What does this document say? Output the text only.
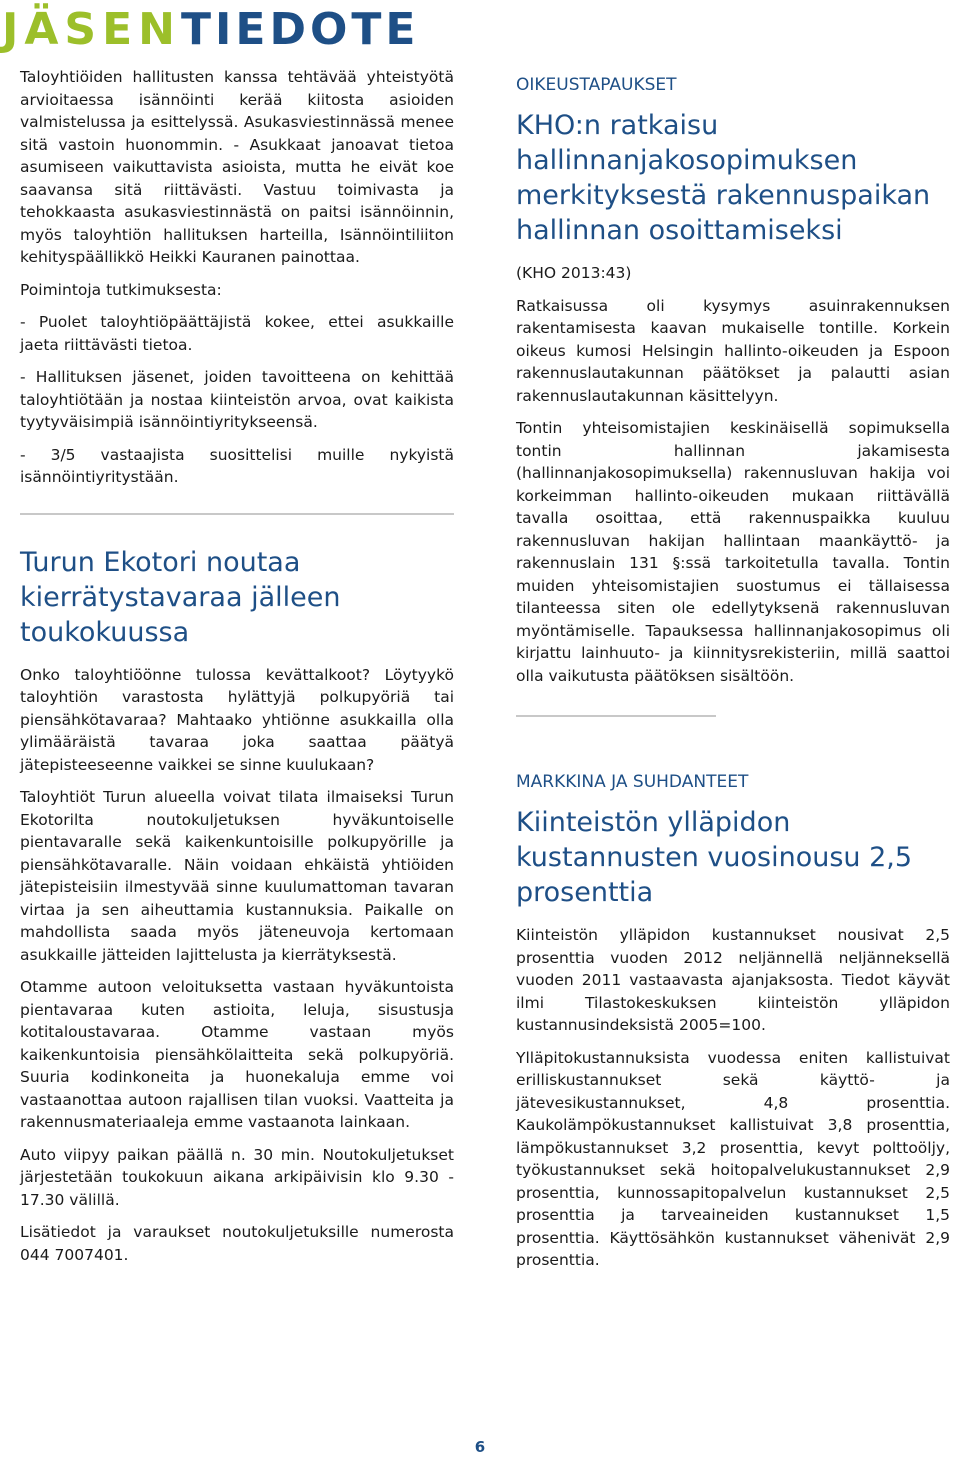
JÄSENTIEDOTE

Taloyhtiöiden hallitusten kanssa tehtävää yhteistyötä arvioitaessa isännöinti kerää kiitosta asioiden valmistelussa ja esittelyssä. Asukasviestinnässä menee sitä vastoin huonommin. - Asukkaat janoavat tietoa asumiseen vaikuttavista asioista, mutta he eivät koe saavansa sitä riittävästi. Vastuu toimivasta ja tehokkaasta asukasviestinnästä on paitsi isännöinnin, myös taloyhtiön hallituksen harteilla, Isännöintiliiton kehityspäällikkö Heikki Kauranen painottaa.

Poimintoja tutkimuksesta:

- Puolet taloyhtiöpäättäjistä kokee, ettei asukkaille jaeta riittävästi tietoa.

- Hallituksen jäsenet, joiden tavoitteena on kehittää taloyhtiötään ja nostaa kiinteistön arvoa, ovat kaikista tyytyväisimpiä isännöintiyritykseensä.

- 3/5 vastaajista suosittelisi muille nykyistä isännöintiyritystään.

Turun Ekotori noutaa kierrätystavaraa jälleen toukokuussa

Onko taloyhtiöönne tulossa kevättalkoot? Löytyykö taloyhtiön varastosta hylättyjä polkupyöriä tai piensähkötavaraa? Mahtaako yhtiönne asukkailla olla ylimääräistä tavaraa joka saattaa päätyä jätepisteeseenne vaikkei se sinne kuulukaan?

Taloyhtiöt Turun alueella voivat tilata ilmaiseksi Turun Ekotorilta noutokuljetuksen hyväkuntoiselle pientavaralle sekä kaikenkuntoisille polkupyörille ja piensähkötavaralle. Näin voidaan ehkäistä yhtiöiden jätepisteisiin ilmestyvää sinne kuulumattoman tavaran virtaa ja sen aiheuttamia kustannuksia. Paikalle on mahdollista saada myös jäteneuvoja kertomaan asukkaille jätteiden lajittelusta ja kierrätyksestä.

Otamme autoon veloituksetta vastaan hyväkuntoista pientavaraa kuten astioita, leluja, sisustusja kotitaloustavaraa. Otamme vastaan myös kaikenkuntoisia piensähkölaitteita sekä polkupyöriä. Suuria kodinkoneita ja huonekaluja emme voi vastaanottaa autoon rajallisen tilan vuoksi. Vaatteita ja rakennusmateriaaleja emme vastaanota lainkaan.

Auto viipyy paikan päällä n. 30 min. Noutokuljetukset järjestetään toukokuun aikana arkipäivisin klo 9.30 - 17.30 välillä.

Lisätiedot ja varaukset noutokuljetuksille numerosta 044 7007401.

OIKEUSTAPAUKSET
KHO:n ratkaisu hallinnanjakosopimuksen merkityksestä rakennuspaikan hallinnan osoittamiseksi

(KHO 2013:43)

Ratkaisussa oli kysymys asuinrakennuksen rakentamisesta kaavan mukaiselle tontille. Korkein oikeus kumosi Helsingin hallinto-oikeuden ja Espoon rakennuslautakunnan päätökset ja palautti asian rakennuslautakunnan käsittelyyn.

Tontin yhteisomistajien keskinäisellä sopimuksella tontin hallinnan jakamisesta (hallinnanjakosopimuksella) rakennusluvan hakija voi korkeimman hallinto-oikeuden mukaan riittävällä tavalla osoittaa, että rakennuspaikka kuuluu rakennusluvan hakijan hallintaan maankäyttö- ja rakennuslain 131 §:ssä tarkoitetulla tavalla. Tontin muiden yhteisomistajien suostumus ei tällaisessa tilanteessa siten ole edellytyksenä rakennusluvan myöntämiselle. Tapauksessa hallinnanjakosopimus oli kirjattu lainhuuto- ja kiinnitysrekisteriin, millä saattoi olla vaikutusta päätöksen sisältöön.

MARKKINA JA SUHDANTEET
Kiinteistön ylläpidon kustannusten vuosinousu 2,5 prosenttia

Kiinteistön ylläpidon kustannukset nousivat 2,5 prosenttia vuoden 2012 neljännellä neljänneksellä vuoden 2011 vastaavasta ajanjaksosta. Tiedot käyvät ilmi Tilastokeskuksen kiinteistön ylläpidon kustannusindeksistä 2005=100.

Ylläpitokustannuksista vuodessa eniten kallistuivat erilliskustannukset sekä käyttö- ja jätevesikustannukset, 4,8 prosenttia. Kaukolämpökustannukset kallistuivat 3,8 prosenttia, lämpökustannukset 3,2 prosenttia, kevyt polttoöljy, työkustannukset sekä hoitopalvelukustannukset 2,9 prosenttia, kunnossapitopalvelun kustannukset 2,5 prosenttia ja tarveaineiden kustannukset 1,5 prosenttia. Käyttösähkön kustannukset vähenivät 2,9 prosenttia.

6
